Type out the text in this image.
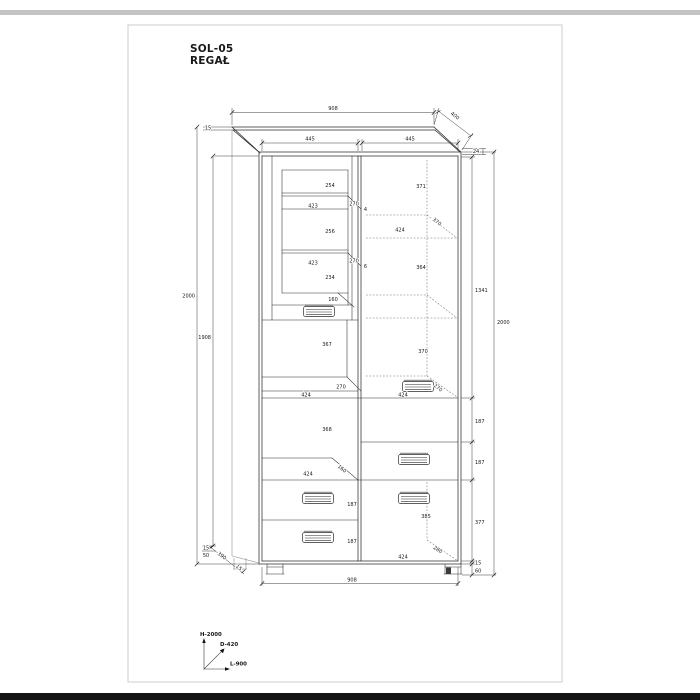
SOL-05
REGAŁ
908
400
445	445
15
24
2000
1908
1341
2000
187
187
377
15
60
254
423	270
4
256
423	270
6
234
160
367
270
424
368
160
424
187
187
371
370
424
364
370
270
424
385
280
424
908
15
50 390
15
H-2000
D-420
L-900
